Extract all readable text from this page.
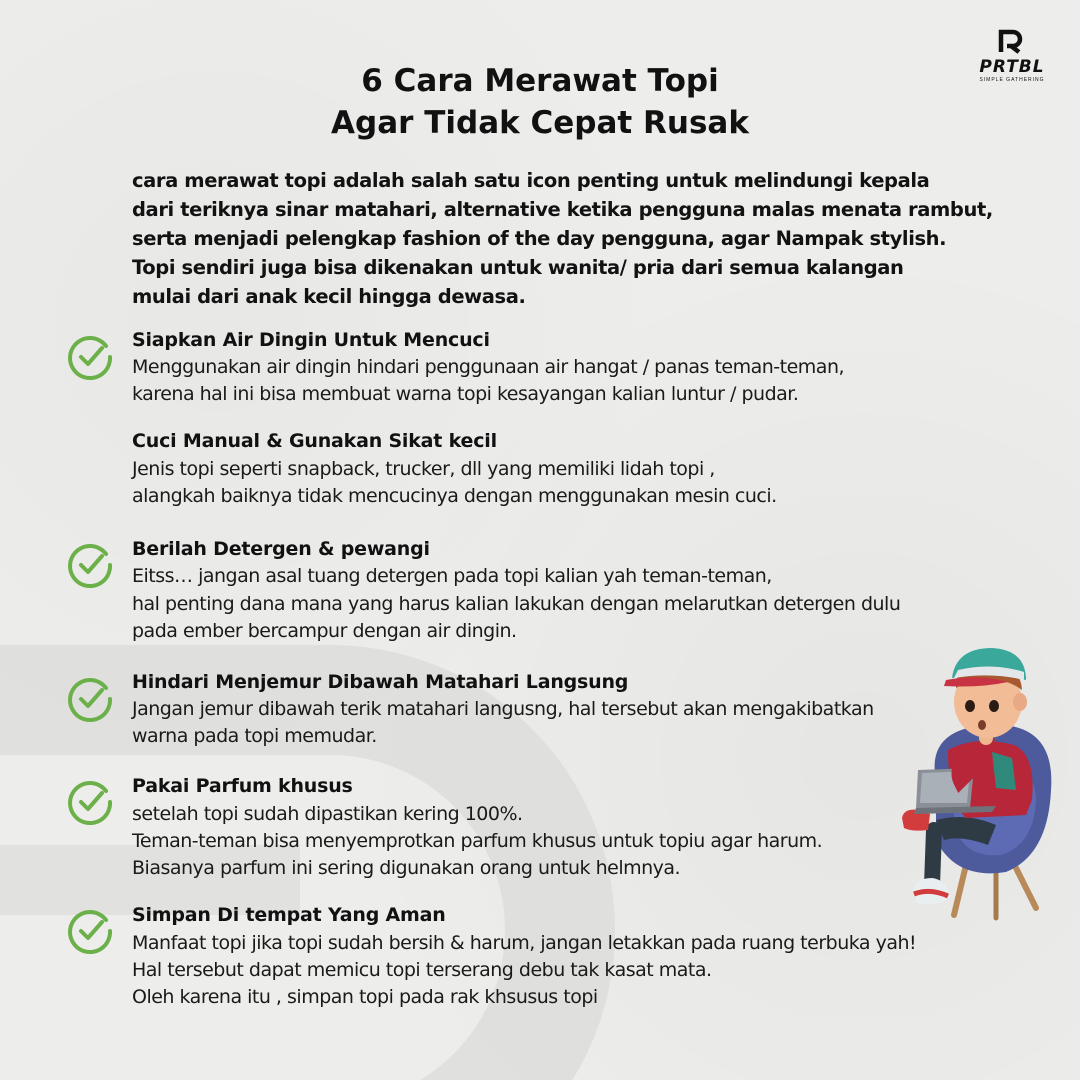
PRTBL
SIMPLE GATHERING
6 Cara Merawat Topi
Agar Tidak Cepat Rusak
cara merawat topi adalah salah satu icon penting untuk melindungi kepala
dari teriknya sinar matahari, alternative ketika pengguna malas menata rambut,
serta menjadi pelengkap fashion of the day pengguna, agar Nampak stylish.
Topi sendiri juga bisa dikenakan untuk wanita/ pria dari semua kalangan
mulai dari anak kecil hingga dewasa.
Siapkan Air Dingin Untuk Mencuci
Menggunakan air dingin hindari penggunaan air hangat / panas teman-teman,
karena hal ini bisa membuat warna topi kesayangan kalian luntur / pudar.
Cuci Manual & Gunakan Sikat kecil
Jenis topi seperti snapback, trucker, dll yang memiliki lidah topi ,
alangkah baiknya tidak mencucinya dengan menggunakan mesin cuci.
Berilah Detergen & pewangi
Eitss… jangan asal tuang detergen pada topi kalian yah teman-teman,
hal penting dana mana yang harus kalian lakukan dengan melarutkan detergen dulu
pada ember bercampur dengan air dingin.
Hindari Menjemur Dibawah Matahari Langsung
Jangan jemur dibawah terik matahari langusng, hal tersebut akan mengakibatkan
warna pada topi memudar.
Pakai Parfum khusus
setelah topi sudah dipastikan kering 100%.
Teman-teman bisa menyemprotkan parfum khusus untuk topiu agar harum.
Biasanya parfum ini sering digunakan orang untuk helmnya.
Simpan Di tempat Yang Aman
Manfaat topi jika topi sudah bersih & harum, jangan letakkan pada ruang terbuka yah!
Hal tersebut dapat memicu topi terserang debu tak kasat mata.
Oleh karena itu , simpan topi pada rak khsusus topi
